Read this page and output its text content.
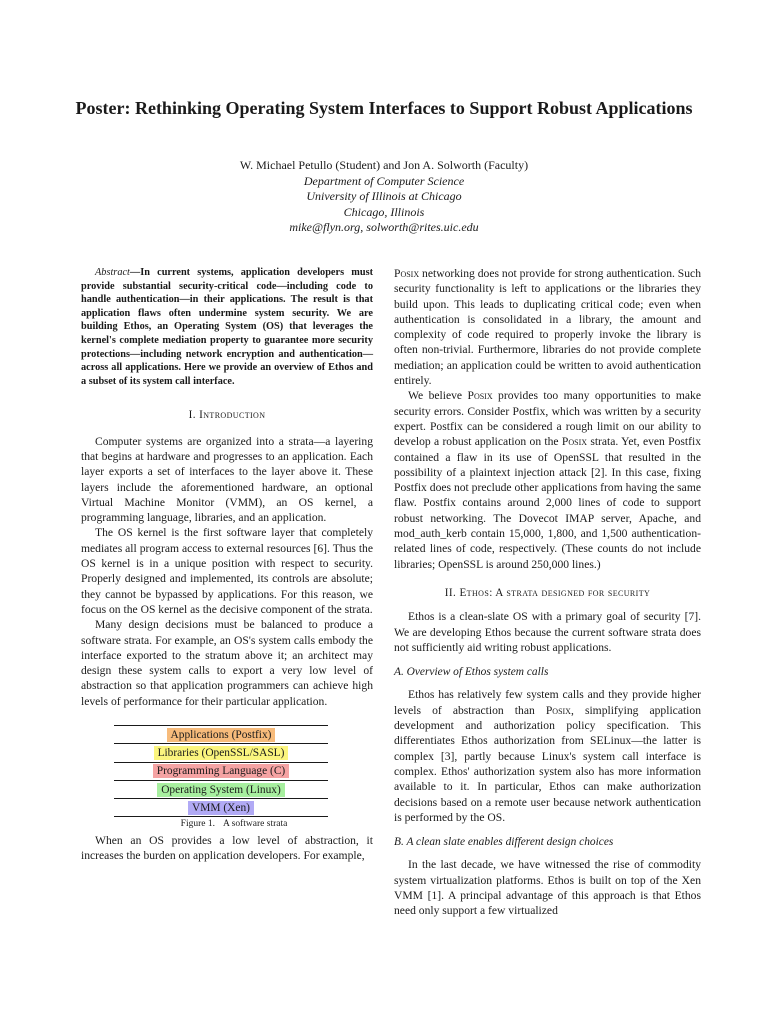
Poster: Rethinking Operating System Interfaces to Support Robust Applications
W. Michael Petullo (Student) and Jon A. Solworth (Faculty)
Department of Computer Science
University of Illinois at Chicago
Chicago, Illinois
mike@flyn.org, solworth@rites.uic.edu

Abstract—In current systems, application developers must provide substantial security-critical code—including code to handle authentication—in their applications. The result is that application flaws often undermine system security. We are building Ethos, an Operating System (OS) that leverages the kernel's complete mediation property to guarantee more security protections—including network encryption and authentication—across all applications. Here we provide an overview of Ethos and a subset of its system call interface.

I. Introduction

Computer systems are organized into a strata—a layering that begins at hardware and progresses to an application. Each layer exports a set of interfaces to the layer above it. These layers include the aforementioned hardware, an optional Virtual Machine Monitor (VMM), an OS kernel, a programming language, libraries, and an application.

The OS kernel is the first software layer that completely mediates all program access to external resources [6]. Thus the OS kernel is in a unique position with respect to security. Properly designed and implemented, its controls are absolute; they cannot be bypassed by applications. For this reason, we focus on the OS kernel as the decisive component of the strata.

Many design decisions must be balanced to produce a software strata. For example, an OS's system calls embody the interface exported to the stratum above it; an architect may design these system calls to export a very low level of abstraction so that application programmers can achieve high levels of performance for their particular application.

Applications (Postfix)
Libraries (OpenSSL/SASL)
Programming Language (C)
Operating System (Linux)
VMM (Xen)

Figure 1. A software strata

When an OS provides a low level of abstraction, it increases the burden on application developers. For example,

Posix networking does not provide for strong authentication. Such security functionality is left to applications or the libraries they build upon. This leads to duplicating critical code; even when authentication is consolidated in a library, the amount and complexity of code required to properly invoke the library is often non-trivial. Furthermore, libraries do not provide complete mediation; an application could be written to avoid authentication entirely.

We believe Posix provides too many opportunities to make security errors. Consider Postfix, which was written by a security expert. Postfix can be considered a rough limit on our ability to develop a robust application on the Posix strata. Yet, even Postfix contained a flaw in its use of OpenSSL that resulted in the possibility of a plaintext injection attack [2]. In this case, fixing Postfix does not preclude other applications from having the same flaw. Postfix contains around 2,000 lines of code to support robust networking. The Dovecot IMAP server, Apache, and mod_auth_kerb contain 15,000, 1,800, and 1,500 authentication-related lines of code, respectively. (These counts do not include libraries; OpenSSL is around 250,000 lines.)

II. Ethos: A strata designed for security

Ethos is a clean-slate OS with a primary goal of security [7]. We are developing Ethos because the current software strata does not sufficiently aid writing robust applications.

A. Overview of Ethos system calls

Ethos has relatively few system calls and they provide higher levels of abstraction than Posix, simplifying application development and authorization policy specification. This differentiates Ethos authorization from SELinux—the latter is complex [3], partly because Linux's system call interface is complex. Ethos' authorization system also has more information available to it. In particular, Ethos can make authorization decisions based on a remote user because network authentication is performed by the OS.

B. A clean slate enables different design choices

In the last decade, we have witnessed the rise of commodity system virtualization platforms. Ethos is built on top of the Xen VMM [1]. A principal advantage of this approach is that Ethos need only support a few virtualized
